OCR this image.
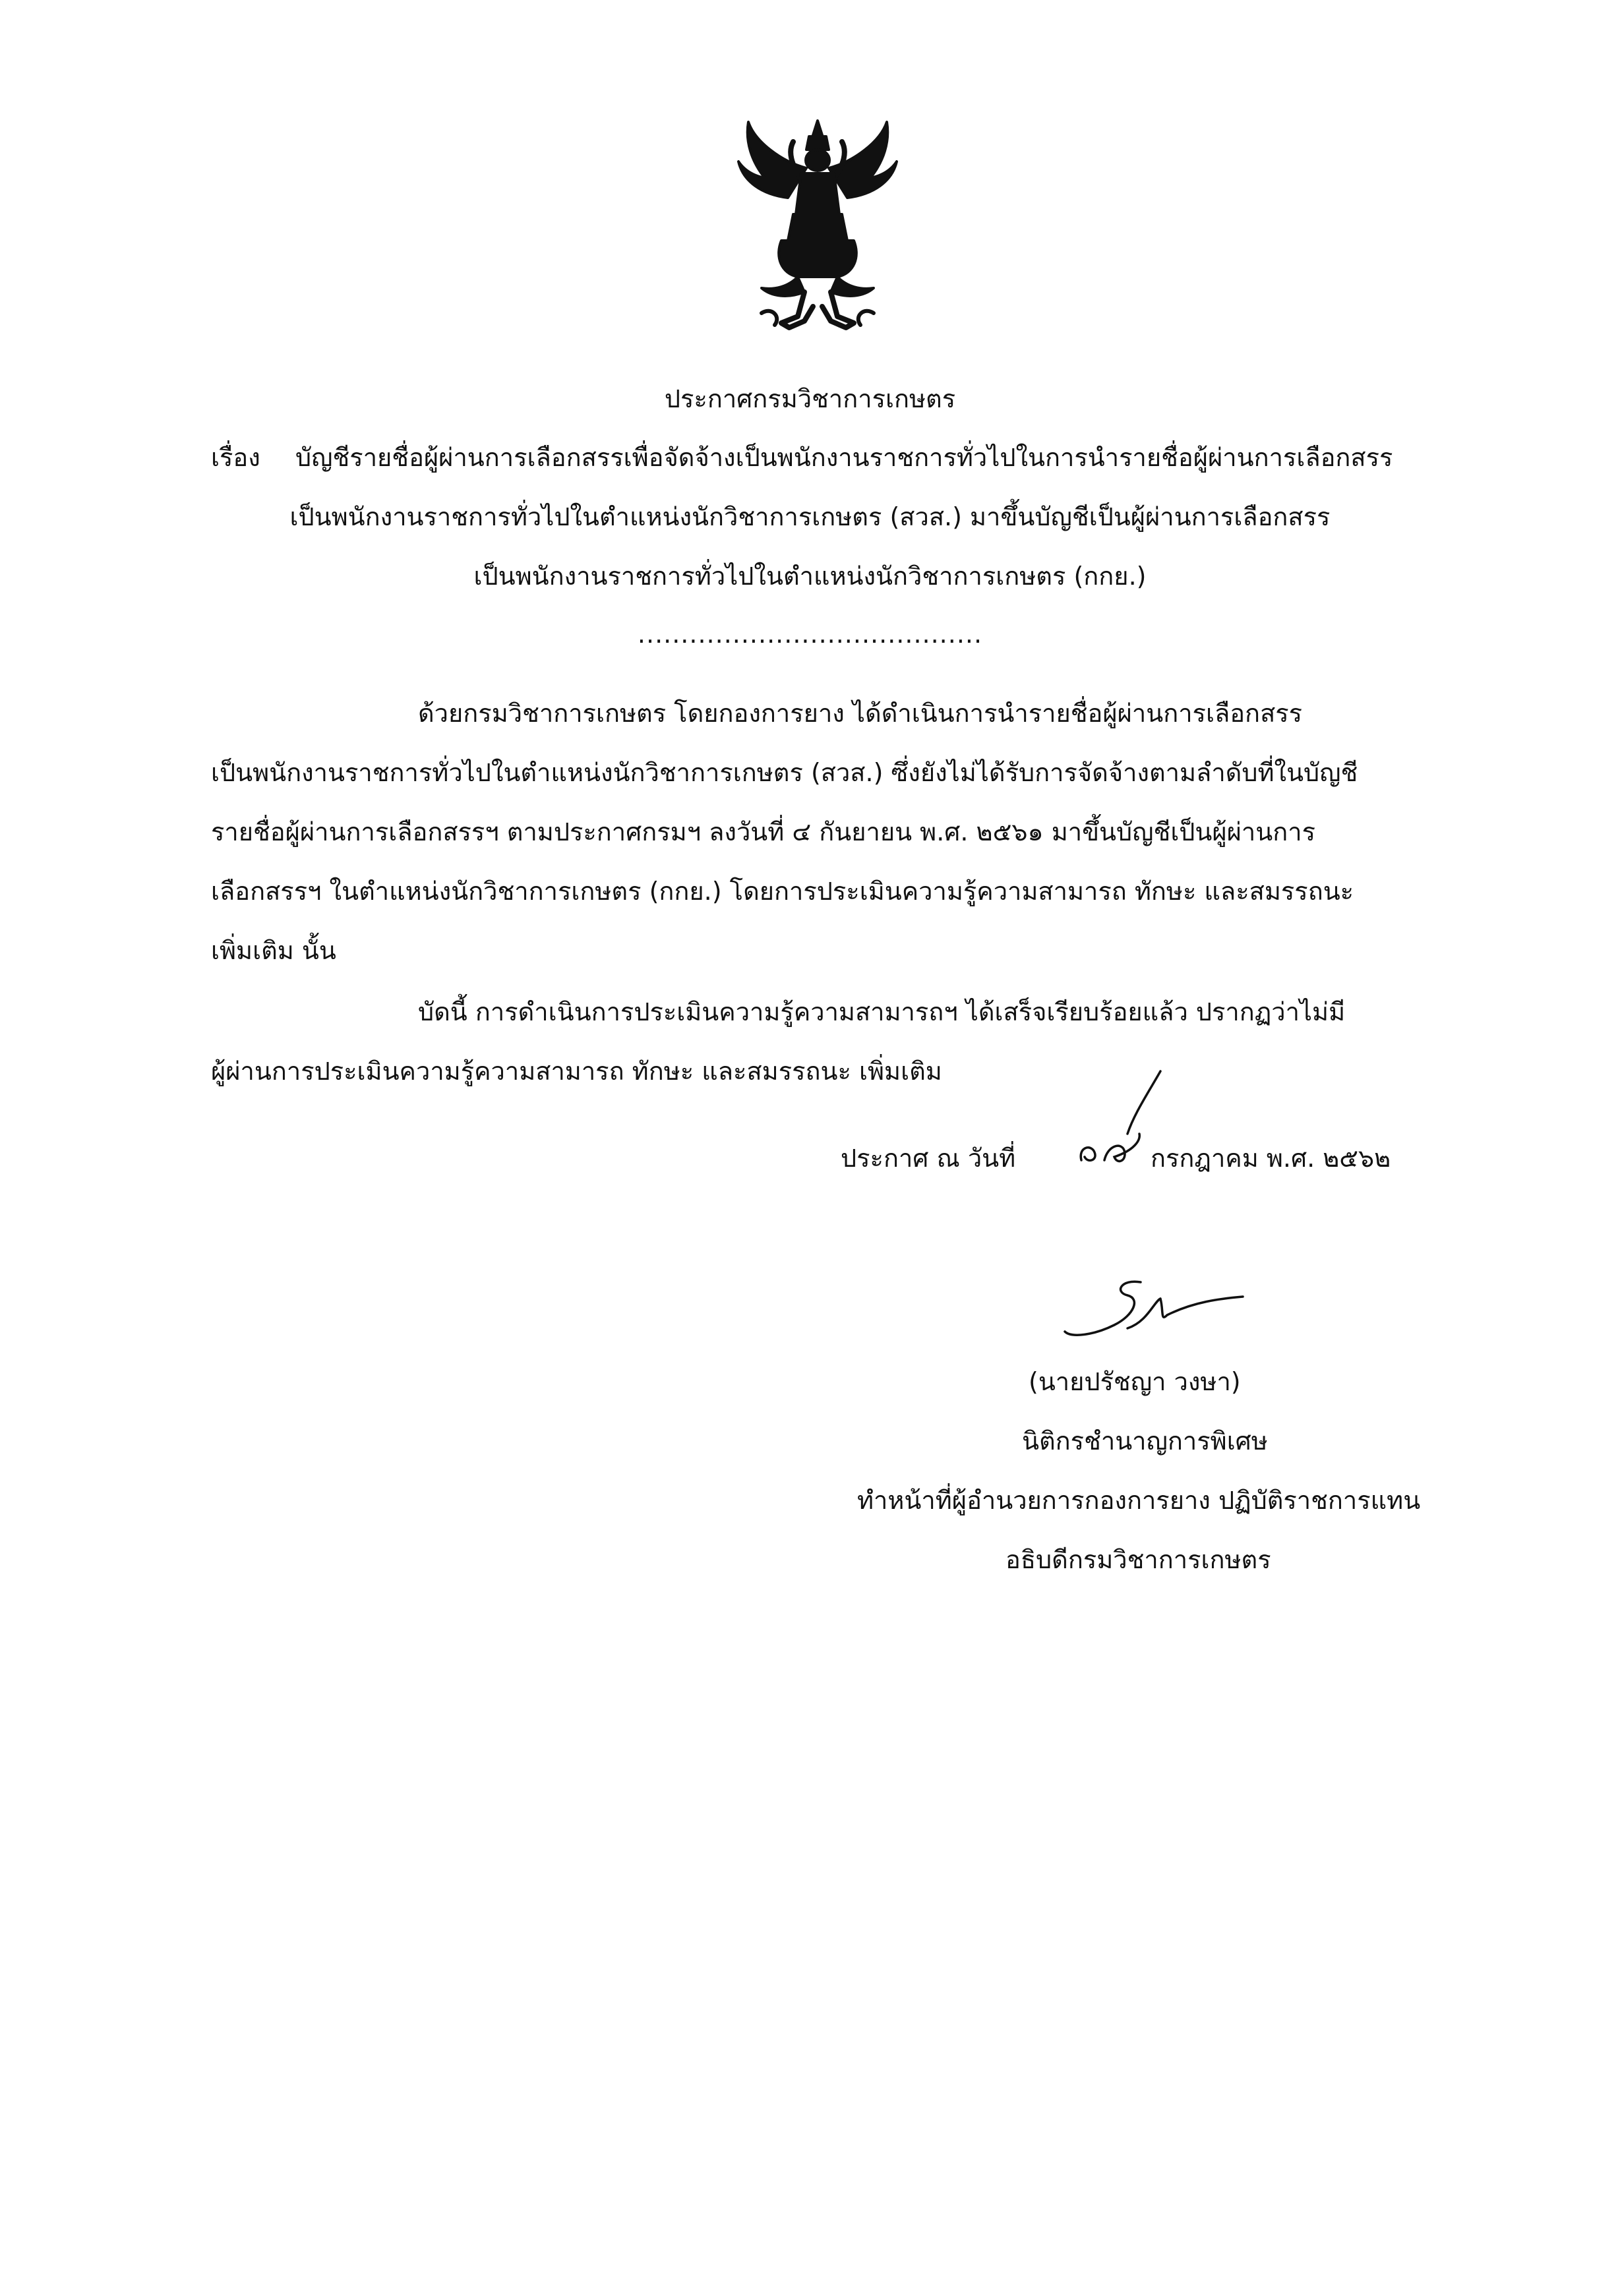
ประกาศกรมวิชาการเกษตร
เรื่อง บัญชีรายชื่อผู้ผ่านการเลือกสรรเพื่อจัดจ้างเป็นพนักงานราชการทั่วไปในการนำรายชื่อผู้ผ่านการเลือกสรร
เป็นพนักงานราชการทั่วไปในตำแหน่งนักวิชาการเกษตร (สวส.) มาขึ้นบัญชีเป็นผู้ผ่านการเลือกสรร
เป็นพนักงานราชการทั่วไปในตำแหน่งนักวิชาการเกษตร (กกย.)
........................................
ด้วยกรมวิชาการเกษตร โดยกองการยาง ได้ดำเนินการนำรายชื่อผู้ผ่านการเลือกสรร
เป็นพนักงานราชการทั่วไปในตำแหน่งนักวิชาการเกษตร (สวส.) ซึ่งยังไม่ได้รับการจัดจ้างตามลำดับที่ในบัญชี
รายชื่อผู้ผ่านการเลือกสรรฯ ตามประกาศกรมฯ ลงวันที่ ๔ กันยายน พ.ศ. ๒๕๖๑ มาขึ้นบัญชีเป็นผู้ผ่านการ
เลือกสรรฯ ในตำแหน่งนักวิชาการเกษตร (กกย.) โดยการประเมินความรู้ความสามารถ ทักษะ และสมรรถนะ
เพิ่มเติม นั้น
บัดนี้ การดำเนินการประเมินความรู้ความสามารถฯ ได้เสร็จเรียบร้อยแล้ว ปรากฏว่าไม่มี
ผู้ผ่านการประเมินความรู้ความสามารถ ทักษะ และสมรรถนะ เพิ่มเติม
ประกาศ ณ วันที่	กรกฎาคม พ.ศ. ๒๕๖๒
(นายปรัชญา วงษา)
นิติกรชำนาญการพิเศษ
ทำหน้าที่ผู้อำนวยการกองการยาง ปฏิบัติราชการแทน
อธิบดีกรมวิชาการเกษตร
